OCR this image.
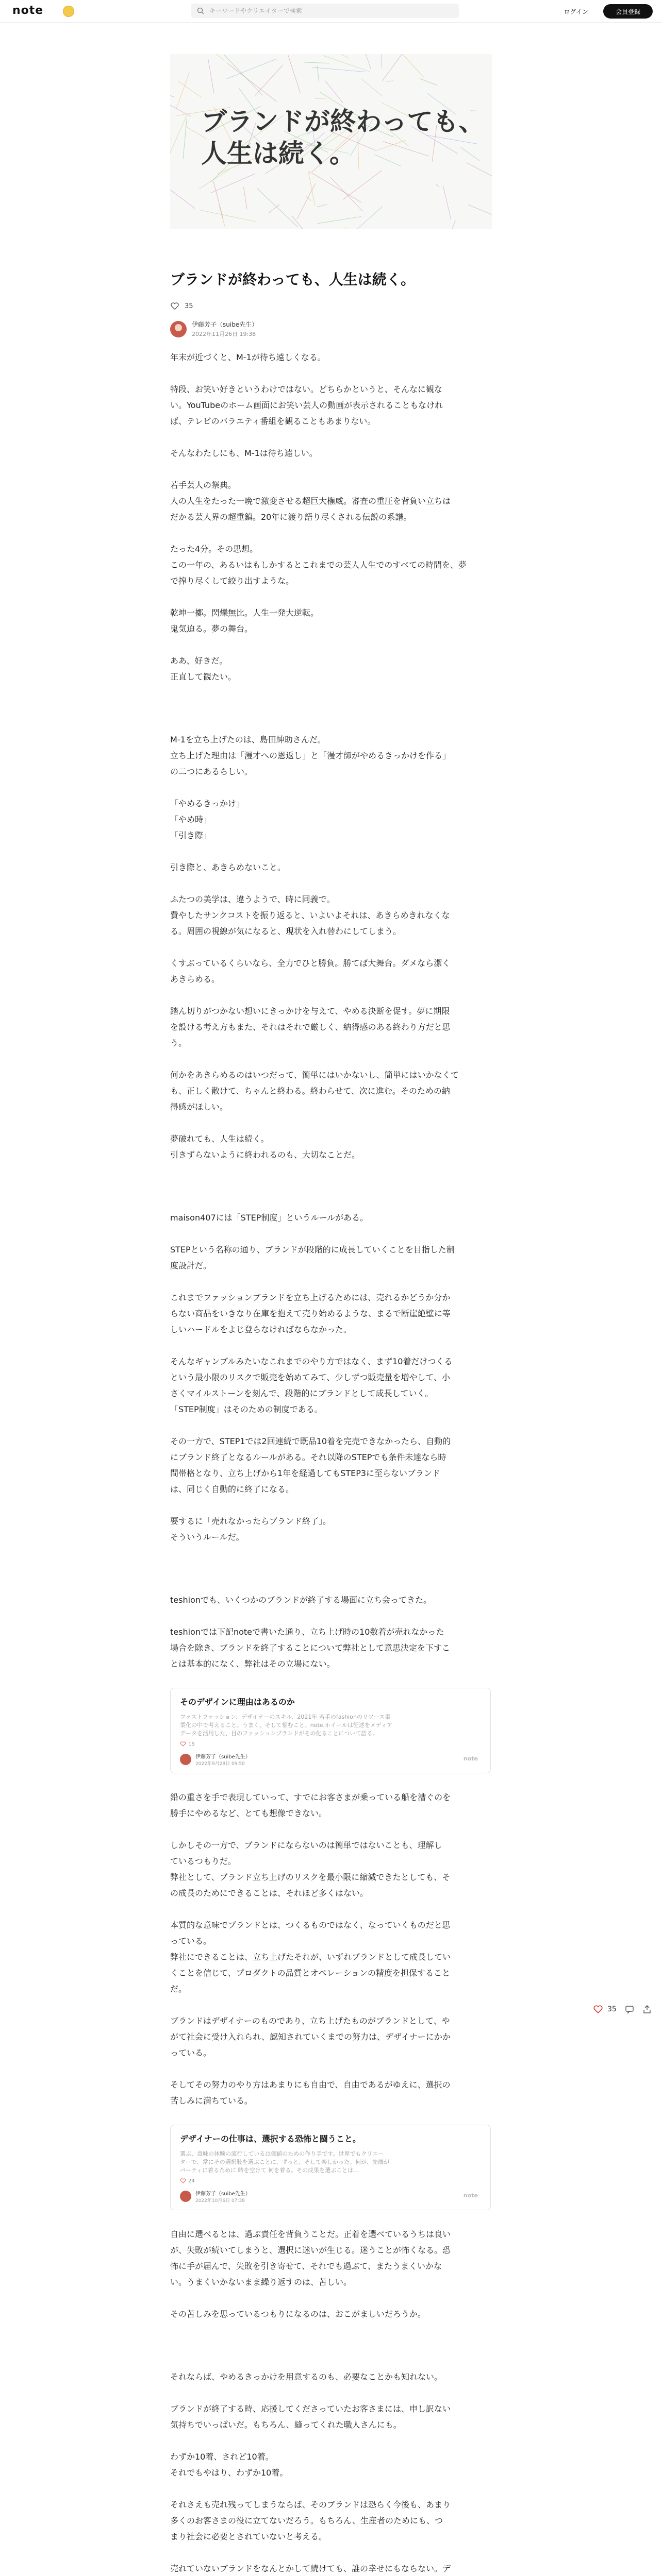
note
キーワードやクリエイターで検索	ログイン	会員登録
ブランドが終わっても、
人生は続く。
ブランドが終わっても、人生は続く。
35
伊藤芳子（suibe先生）
2022年11月26日 19:38
年末が近づくと、M-1が待ち遠しくなる。
特段、お笑い好きというわけではない。どちらかというと、そんなに観な
い。YouTubeのホーム画面にお笑い芸人の動画が表示されることもなけれ
ば、テレビのバラエティ番組を観ることもあまりない。
そんなわたしにも、M-1は待ち遠しい。
若手芸人の祭典。
人の人生をたった一晩で激変させる超巨大権威。審査の重圧を背負い立ちは
だかる芸人界の超重鎮。20年に渡り語り尽くされる伝説の系譜。
たった4分。その思想。
この一年の、あるいはもしかするとこれまでの芸人人生でのすべての時間を、夢
で搾り尽くして絞り出すような。
乾坤一擲。閃爍無比。人生一発大逆転。
鬼気迫る。夢の舞台。
ああ、好きだ。
正直して観たい。
M-1を立ち上げたのは、島田紳助さんだ。
立ち上げた理由は「漫才への恩返し」と「漫才師がやめるきっかけを作る」
の二つにあるらしい。
「やめるきっかけ」
「やめ時」
「引き際」
引き際と、あきらめないこと。
ふたつの美学は、違うようで、時に同義で。
費やしたサンクコストを振り返ると、いよいよそれは、あきらめきれなくな
る。周囲の視線が気になると、現状を入れ替わにしてしまう。
くすぶっているくらいなら、全力でひと勝負。勝てば大舞台。ダメなら潔く
あきらめる。
踏ん切りがつかない想いにきっかけを与えて、やめる決断を促す。夢に期限
を設ける考え方もまた、それはそれで厳しく、納得感のある終わり方だと思
う。
何かをあきらめるのはいつだって、簡単にはいかないし、簡単にはいかなくて
も、正しく散けて、ちゃんと終わる。終わらせて、次に進む。そのための納
得感がほしい。
夢破れても、人生は続く。
引きずらないように終われるのも、大切なことだ。
maison407には「STEP制度」というルールがある。
STEPという名称の通り、ブランドが段階的に成長していくことを目指した制
度設計だ。
これまでファッションブランドを立ち上げるためには、売れるかどうか分か
らない商品をいきなり在庫を抱えて売り始めるような、まるで断崖絶壁に等
しいハードルをよじ登らなければならなかった。
そんなギャンブルみたいなこれまでのやり方ではなく、まず10着だけつくる
という最小限のリスクで販売を始めてみて、少しずつ販売量を増やして、小
さくマイルストーンを刻んで、段階的にブランドとして成長していく。
「STEP制度」はそのための制度である。
その一方で、STEP1では2回連続で既品10着を完売できなかったら、自動的
にブランド終了となるルールがある。それ以降のSTEPでも条件未達なら時
間帯格となり、立ち上げから1年を経過してもSTEP3に至らないブランド
は、同じく自動的に終了になる。
要するに「売れなかったらブランド終了」。
そういうルールだ。
teshionでも、いくつかのブランドが終了する場面に立ち会ってきた。
teshionでは下記noteで書いた通り、立ち上げ時の10数着が売れなかった
場合を除き、ブランドを終了することについて弊社として意思決定を下すこ
とは基本的になく、弊社はその立場にない。
そのデザインに理由はあるのか
ファストファッション、デザイナーのスキル、2021年 若手のfashionのリソース事
業化の中で考えること。うまく、そして悩むこと。note.ホイールは記述をメディア
データを活用した、目のファッションブランドがその化ることについて語る。
15
伊藤芳子（suibe先生）
2022年9月28日 09:50
note
鉛の重さを手で表現していって、すでにお客さまが乗っている船を漕ぐのを
勝手にやめるなど、とても想像できない。
しかしその一方で、ブランドにならないのは簡単ではないことも、理解し
ているつもりだ。
弊社として、ブランド立ち上げのリスクを最小限に縮減できたとしても、そ
の成長のためにできることは、それほど多くはない。
本質的な意味でブランドとは、つくるものではなく、なっていくものだと思
っている。
弊社にできることは、立ち上げたそれが、いずれブランドとして成長してい
くことを信じて、プロダクトの品質とオペレーションの精度を担保すること
だ。
ブランドはデザイナーのものであり、立ち上げたものがブランドとして、や
がて社会に受け入れられ、認知されていくまでの努力は、デザイナーにかか
っている。
そしてその努力のやり方はあまりにも自由で、自由であるがゆえに、選択の
苦しみに満ちている。
デザイナーの仕事は、選択する恐怖と闘うこと。
選ぶ、意味の体験の流行しているは価値のための作り手です。世界でもクリエー
ターで、常にその選択肢を選ぶことに、ずっと、そして楽しかった。何が、先端が
パーティに着るために 時を空けて 何を着る。その成果を選ぶことは…
24
伊藤芳子（suibe先生）
2022年10月6日 07:38
note
自由に選べるとは、過ぶ責任を背負うことだ。正着を選べているうちは良い
が、失敗が続いてしまうと、選択に迷いが生じる。迷うことが怖くなる。恐
怖に手が届んで、失敗を引き寄せて、それでも過ぶて、またうまくいかな
い。うまくいかないまま繰り返すのは、苦しい。
その苦しみを思っているつもりになるのは、おこがましいだろうか。
それならば、やめるきっかけを用意するのも、必要なことかも知れない。
ブランドが終了する時、応援してくださっていたお客さまには、申し訳ない
気持ちでいっぱいだ。もちろん、縫ってくれた職人さんにも。
わずか10着、されど10着。
それでもやはり、わずか10着。
それさえも売れ残ってしまうならば、そのブランドは恐らく今後も、あまり
多くのお客さまの役に立てないだろう。もちろん、生産者のためにも、つ
まり社会に必要とされていないと考える。
売れていないブランドをなんとかして続けても、誰の幸せにもならない。デ
35
